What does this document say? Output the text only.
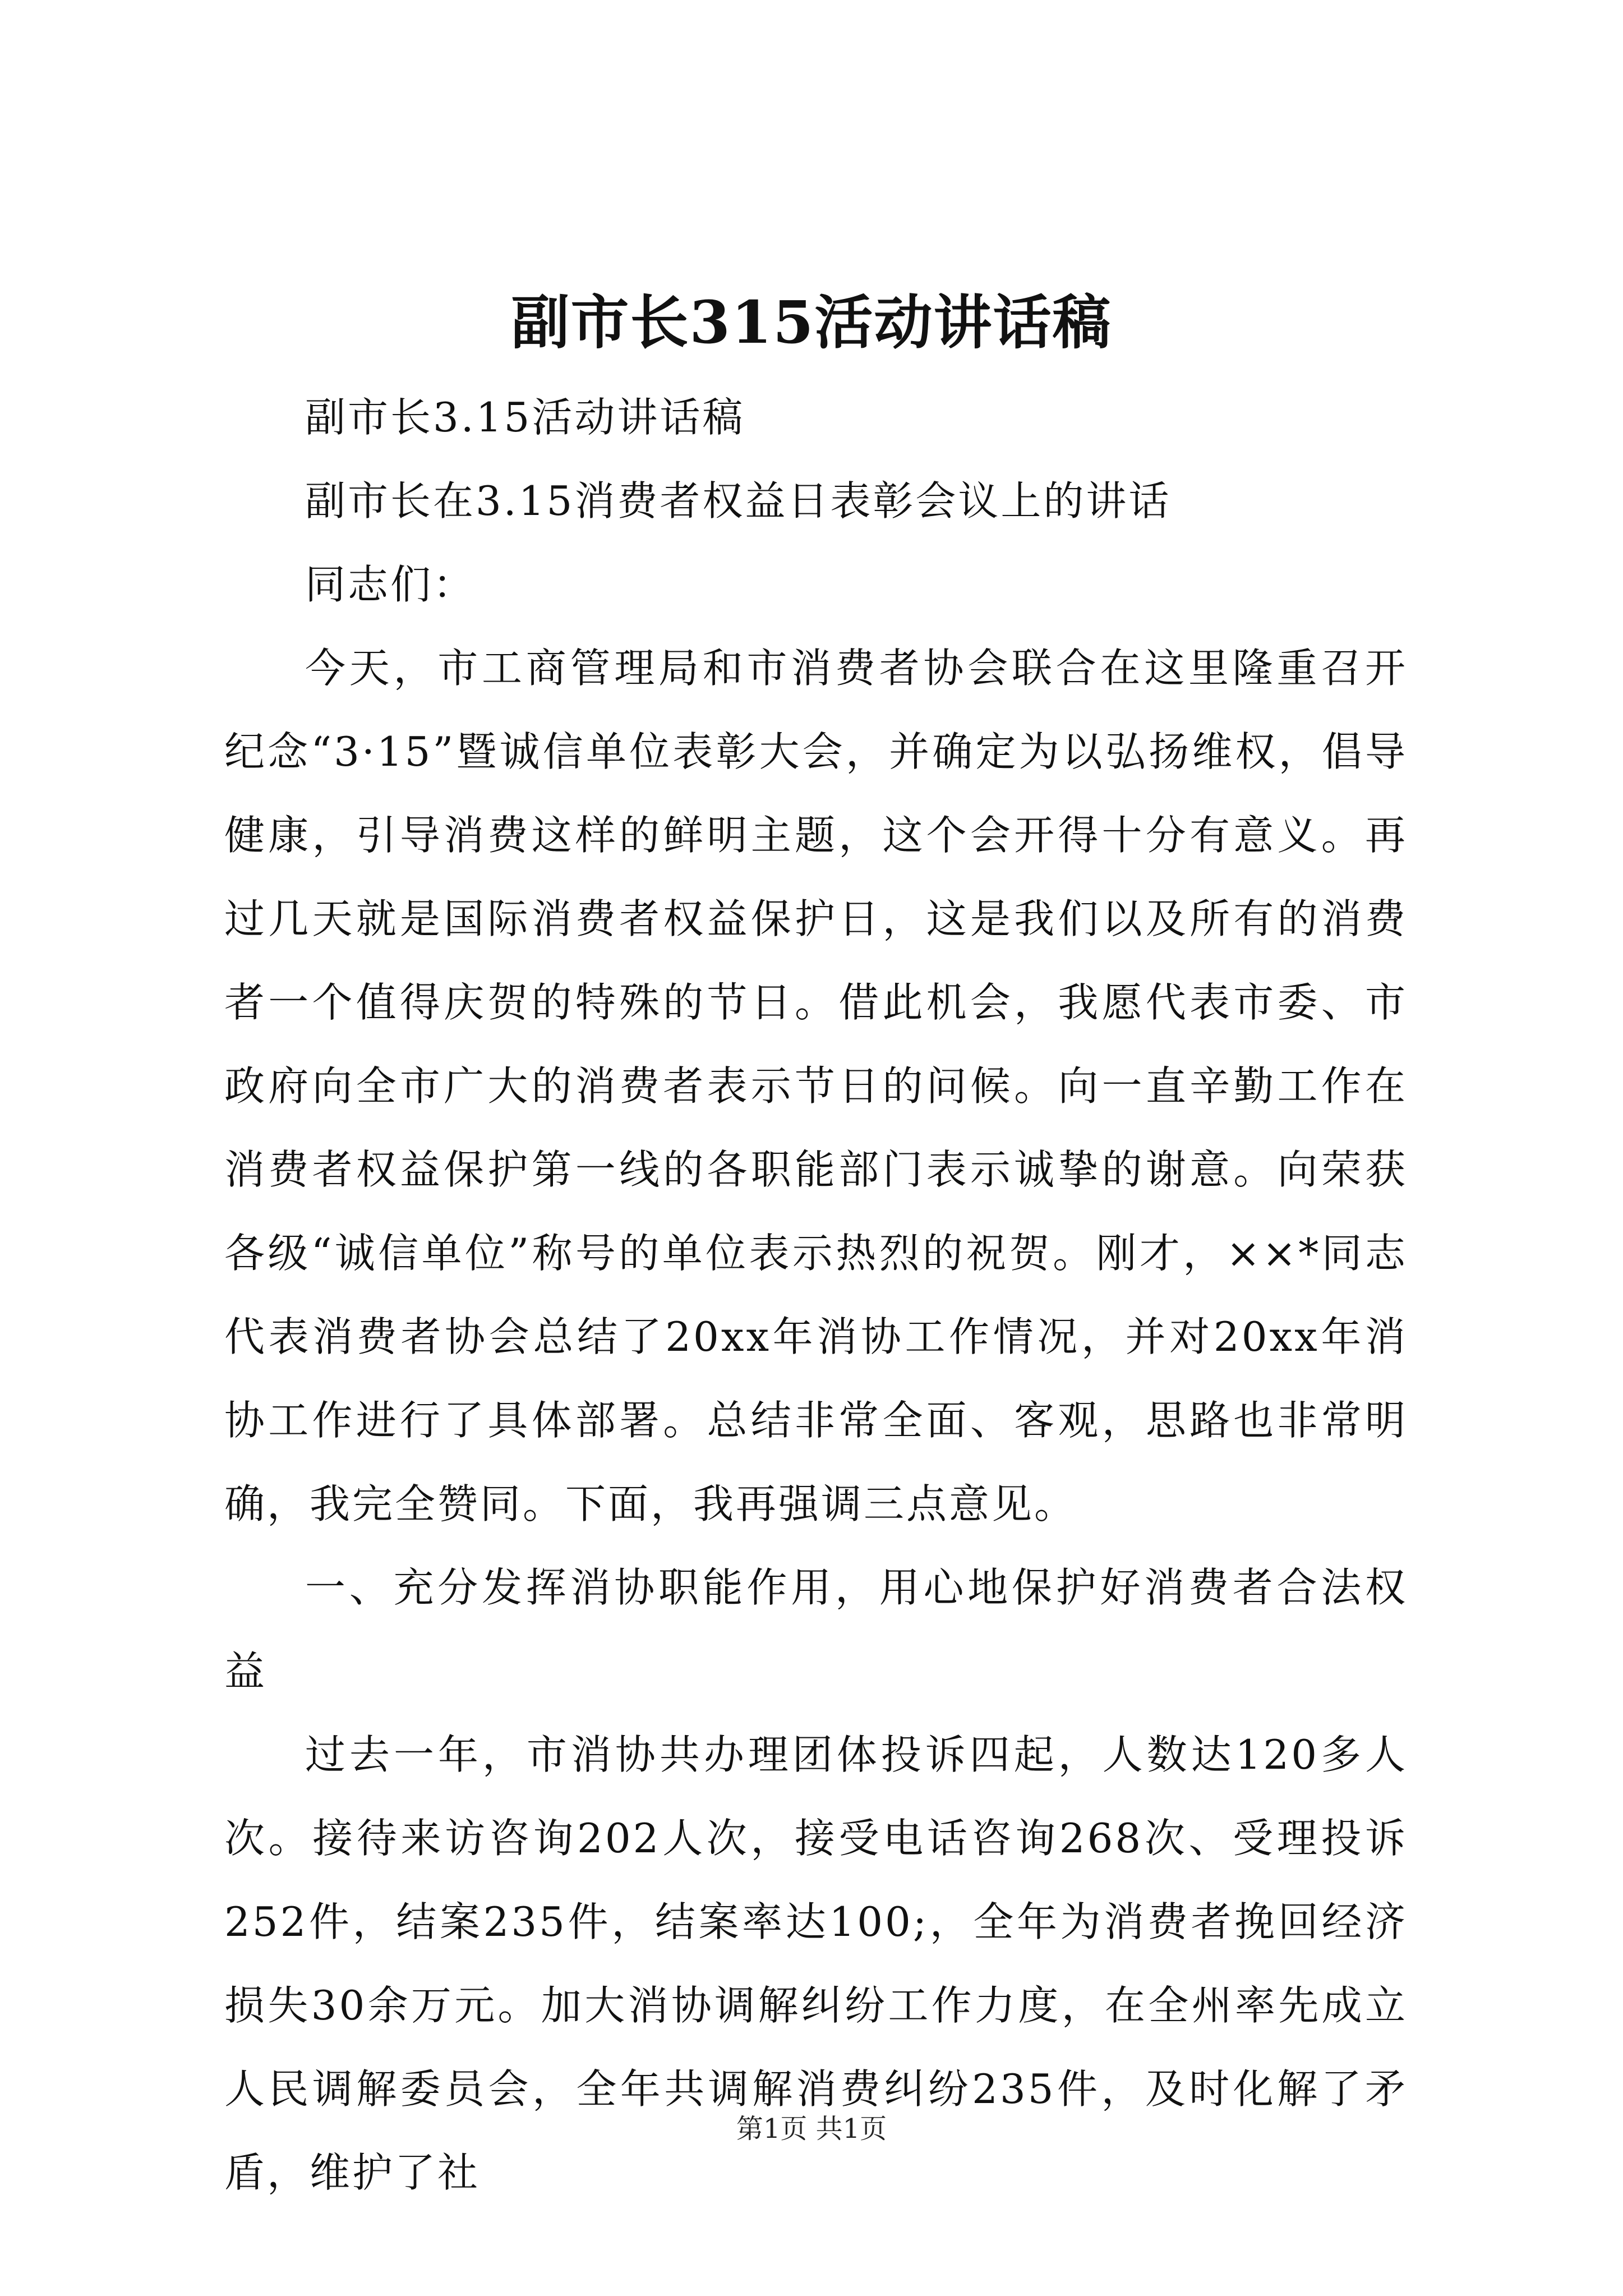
副市长315活动讲话稿

副市长3.15活动讲话稿

副市长在3.15消费者权益日表彰会议上的讲话

同志们：

今天，市工商管理局和市消费者协会联合在这里隆重召开纪念“3·15”暨诚信单位表彰大会，并确定为以弘扬维权，倡导健康，引导消费这样的鲜明主题，这个会开得十分有意义。再过几天就是国际消费者权益保护日，这是我们以及所有的消费者一个值得庆贺的特殊的节日。借此机会，我愿代表市委、市政府向全市广大的消费者表示节日的问候。向一直辛勤工作在消费者权益保护第一线的各职能部门表示诚挚的谢意。向荣获各级“诚信单位”称号的单位表示热烈的祝贺。刚才，××*同志代表消费者协会总结了20xx年消协工作情况，并对20xx年消协工作进行了具体部署。总结非常全面、客观，思路也非常明确，我完全赞同。下面，我再强调三点意见。

一、充分发挥消协职能作用，用心地保护好消费者合法权益

过去一年，市消协共办理团体投诉四起，人数达120多人次。接待来访咨询202人次，接受电话咨询268次、受理投诉252件，结案235件，结案率达100;，全年为消费者挽回经济损失30余万元。加大消协调解纠纷工作力度，在全州率先成立人民调解委员会，全年共调解消费纠纷235件，及时化解了矛盾，维护了社

第1页 共1页
